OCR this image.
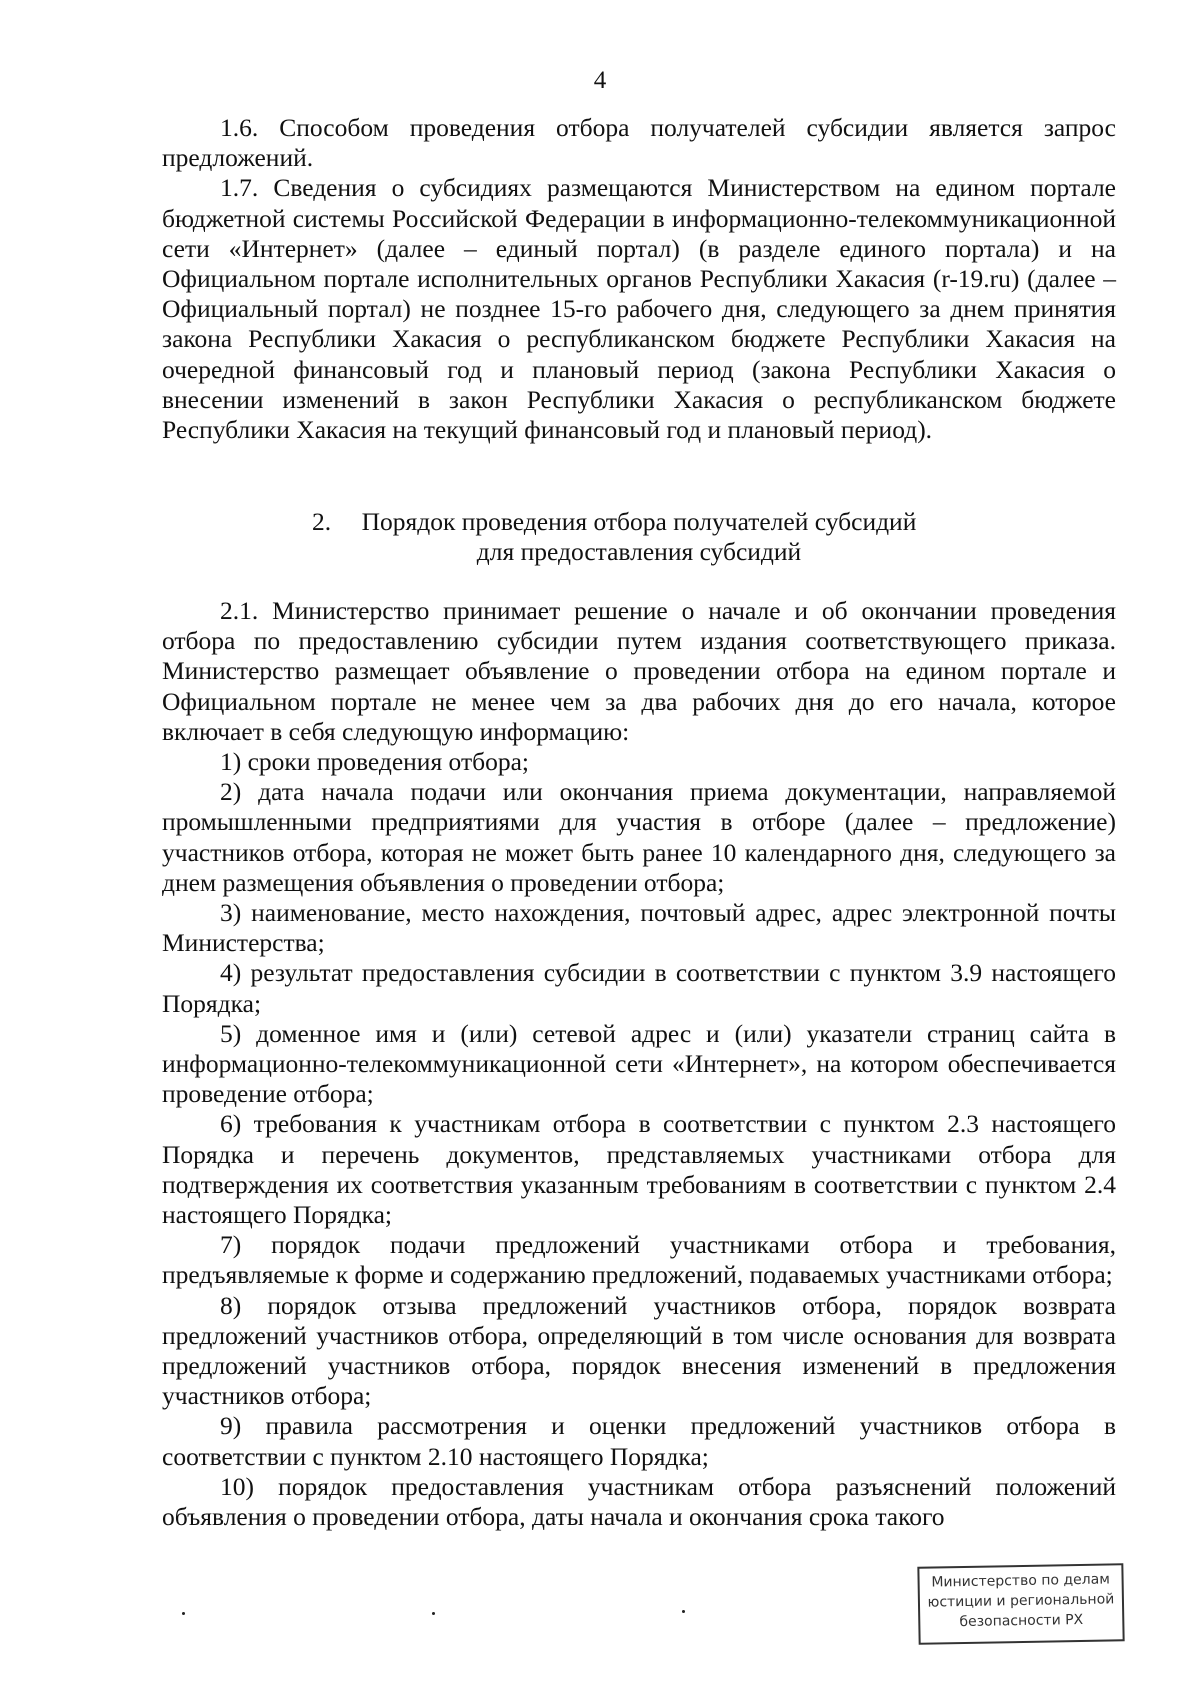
4

1.6. Способом проведения отбора получателей субсидии является запрос предложений.

1.7. Сведения о субсидиях размещаются Министерством на едином портале бюджетной системы Российской Федерации в информационно-телекоммуникационной сети «Интернет» (далее – единый портал) (в разделе единого портала) и на Официальном портале исполнительных органов Республики Хакасия (r-19.ru) (далее – Официальный портал) не позднее 15-го рабочего дня, следующего за днем принятия закона Республики Хакасия о республиканском бюджете Республики Хакасия на очередной финансовый год и плановый период (закона Республики Хакасия о внесении изменений в закон Республики Хакасия о республиканском бюджете Республики Хакасия на текущий финансовый год и плановый период).

2.	Порядок проведения отбора получателей субсидий
для предоставления субсидий

2.1. Министерство принимает решение о начале и об окончании проведения отбора по предоставлению субсидии путем издания соответствующего приказа. Министерство размещает объявление о проведении отбора на едином портале и Официальном портале не менее чем за два рабочих дня до его начала, которое включает в себя следующую информацию:

1) сроки проведения отбора;

2) дата начала подачи или окончания приема документации, направляемой промышленными предприятиями для участия в отборе (далее – предложение) участников отбора, которая не может быть ранее 10 календарного дня, следующего за днем размещения объявления о проведении отбора;

3) наименование, место нахождения, почтовый адрес, адрес электронной почты Министерства;

4) результат предоставления субсидии в соответствии с пунктом 3.9 настоящего Порядка;

5) доменное имя и (или) сетевой адрес и (или) указатели страниц сайта в информационно-телекоммуникационной сети «Интернет», на котором обеспечивается проведение отбора;

6) требования к участникам отбора в соответствии с пунктом 2.3 настоящего Порядка и перечень документов, представляемых участниками отбора для подтверждения их соответствия указанным требованиям в соответствии с пунктом 2.4 настоящего Порядка;

7) порядок подачи предложений участниками отбора и требования, предъявляемые к форме и содержанию предложений, подаваемых участниками отбора;

8) порядок отзыва предложений участников отбора, порядок возврата предложений участников отбора, определяющий в том числе основания для возврата предложений участников отбора, порядок внесения изменений в предложения участников отбора;

9) правила рассмотрения и оценки предложений участников отбора в соответствии с пунктом 2.10 настоящего Порядка;

10) порядок предоставления участникам отбора разъяснений положений объявления о проведении отбора, даты начала и окончания срока такого

Министерство по делам
юстиции и региональной
безопасности РХ
